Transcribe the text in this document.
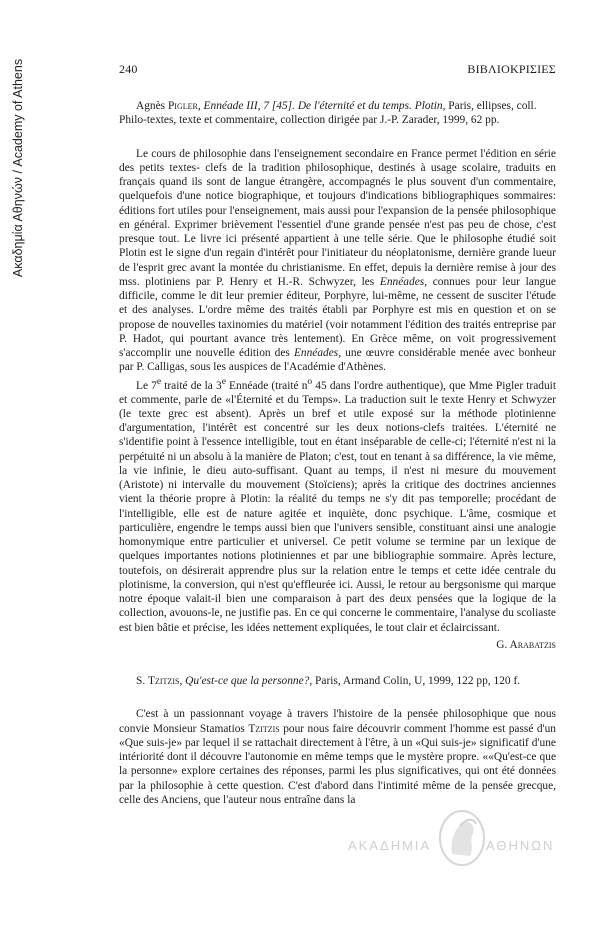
Ακαδημία Αθηνών / Academy of Athens	240	ΒΙΒΛΙΟΚΡΙΣΙΕΣ

Agnès Pigler, Ennéade III, 7 [45]. De l'éternité et du temps. Plotin, Paris, ellipses, coll. Philo-textes, texte et commentaire, collection dirigée par J.-P. Zarader, 1999, 62 pp.

Le cours de philosophie dans l'enseignement secondaire en France permet l'édition en série des petits textes- clefs de la tradition philosophique, destinés à usage scolaire, traduits en français quand ils sont de langue étrangère, accompagnés le plus souvent d'un commentaire, quelquefois d'une notice biographique, et toujours d'indications bibliographiques sommaires: éditions fort utiles pour l'enseignement, mais aussi pour l'expansion de la pensée philosophique en général. Exprimer brièvement l'essentiel d'une grande pensée n'est pas peu de chose, c'est presque tout. Le livre ici présenté appartient à une telle série. Que le philosophe étudié soit Plotin est le signe d'un regain d'intérêt pour l'initiateur du néoplatonisme, dernière grande lueur de l'esprit grec avant la montée du christianisme. En effet, depuis la dernière remise à jour des mss. plotiniens par P. Henry et H.-R. Schwyzer, les Ennéades, connues pour leur langue difficile, comme le dit leur premier éditeur, Porphyre, lui-même, ne cessent de susciter l'étude et des analyses. L'ordre même des traités établi par Porphyre est mis en question et on se propose de nouvelles taxinomies du matériel (voir notamment l'édition des traités entreprise par P. Hadot, qui pourtant avance très lentement). En Grèce même, on voit progressivement s'accomplir une nouvelle édition des Ennéades, une œuvre considérable menée avec bonheur par P. Calligas, sous les auspices de l'Académie d'Athènes.

Le 7e traité de la 3e Ennéade (traité $n^o$ 45 dans l'ordre authentique), que Mme Pigler traduit et commente, parle de «l'Éternité et du Temps». La traduction suit le texte Henry et Schwyzer (le texte grec est absent). Après un bref et utile exposé sur la méthode plotinienne d'argumentation, l'intérêt est concentré sur les deux notions-clefs traitées. L'éternité ne s'identifie point à l'essence intelligible, tout en étant inséparable de celle-ci; l'éternité n'est ni la perpétuité ni un absolu à la manière de Platon; c'est, tout en tenant à sa différence, la vie même, la vie infinie, le dieu auto-suffisant. Quant au temps, il n'est ni mesure du mouvement (Aristote) ni intervalle du mouvement (Stoïciens); après la critique des doctrines anciennes vient la théorie propre à Plotin: la réalité du temps ne s'y dit pas temporelle; procédant de l'intelligible, elle est de nature agitée et inquiète, donc psychique. L'âme, cosmique et particulière, engendre le temps aussi bien que l'univers sensible, constituant ainsi une analogie homonymique entre particulier et universel. Ce petit volume se termine par un lexique de quelques importantes notions plotiniennes et par une bibliographie sommaire. Après lecture, toutefois, on désirerait apprendre plus sur la relation entre le temps et cette idée centrale du plotinisme, la conversion, qui n'est qu'effleurée ici. Aussi, le retour au bergsonisme qui marque notre époque valait-il bien une comparaison à part des deux pensées que la logique de la collection, avouons-le, ne justifie pas. En ce qui concerne le commentaire, l'analyse du scoliaste est bien bâtie et précise, les idées nettement expliquées, le tout clair et éclaircissant.

G. Arabatzis

S. Tzitzis, Qu'est-ce que la personne?, Paris, Armand Colin, U, 1999, 122 pp, 120 f.

C'est à un passionnant voyage à travers l'histoire de la pensée philosophique que nous convie Monsieur Stamatios Tzitzis pour nous faire découvrir comment l'homme est passé d'un «Que suis-je» par lequel il se rattachait directement à l'être, à un «Qui suis-je» significatif d'une intériorité dont il découvre l'autonomie en même temps que le mystère propre. ««Qu'est-ce que la personne» explore certaines des réponses, parmi les plus significatives, qui ont été données par la philosophie à cette question. C'est d'abord dans l'intimité même de la pensée grecque, celle des Anciens, que l'auteur nous entraîne dans la

ΑΚΑΔΗΜΙΑ	ΑΘΗΝΩΝ
